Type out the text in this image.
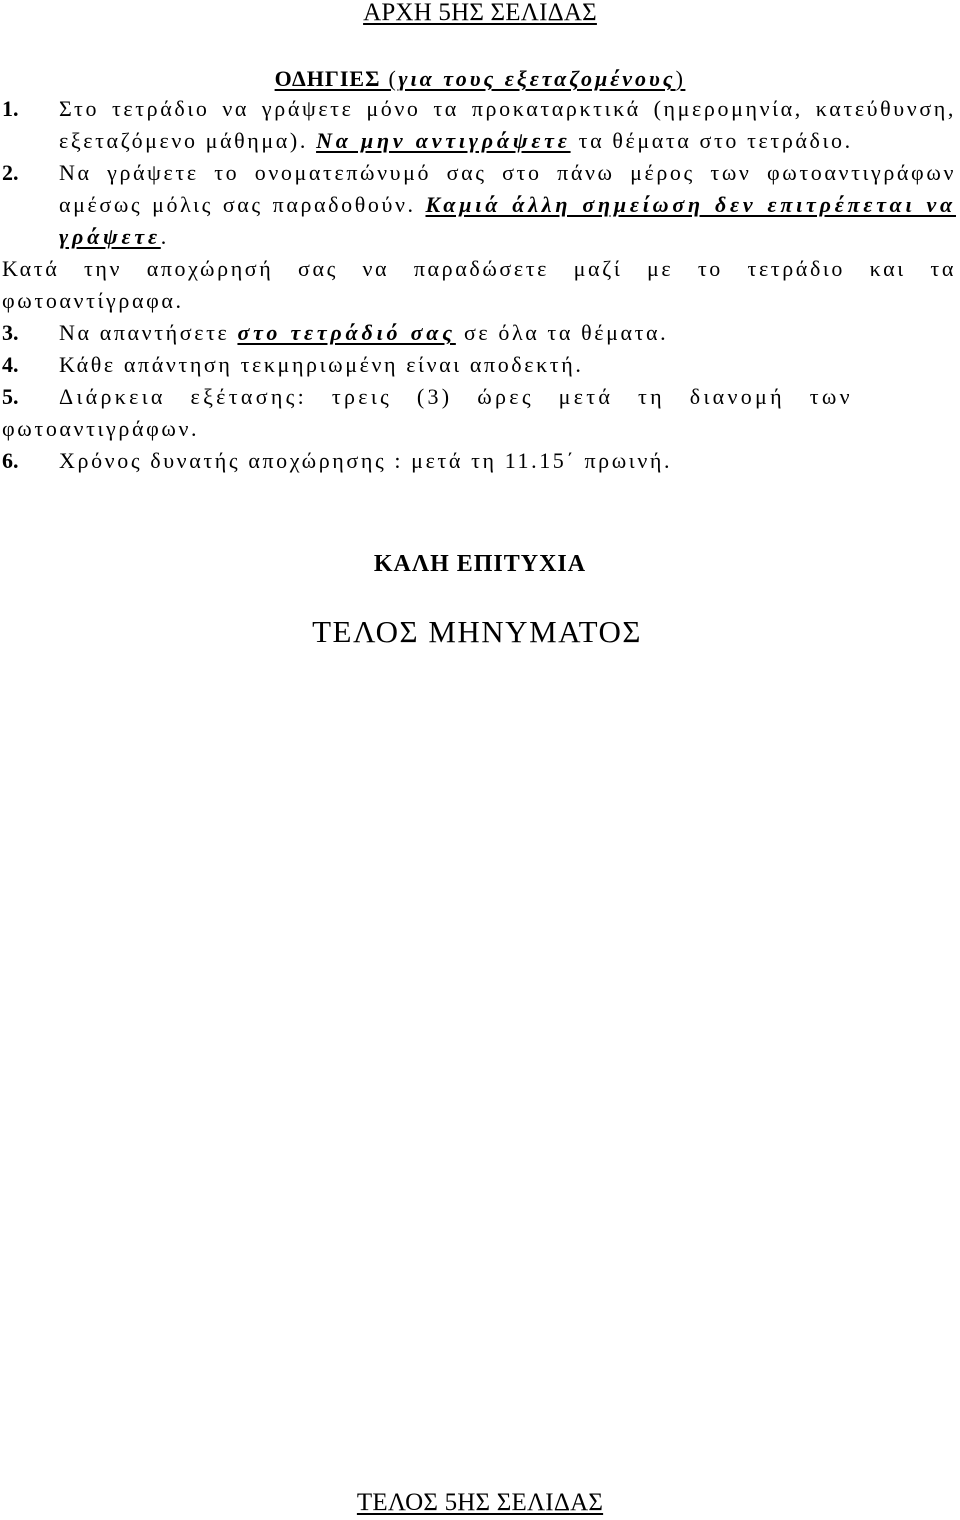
ΑΡΧΗ 5ΗΣ ΣΕΛΙΔΑΣ
ΟΔΗΓΙΕΣ (για τους εξεταζομένους)
1. Στο τετράδιο να γράψετε μόνο τα προκαταρκτικά (ημερομηνία, κατεύθυνση, εξεταζόμενο μάθημα). Να μην αντιγράψετε τα θέματα στο τετράδιο.
2. Να γράψετε το ονοματεπώνυμό σας στο πάνω μέρος των φωτοαντιγράφων αμέσως μόλις σας παραδοθούν. Καμιά άλλη σημείωση δεν επιτρέπεται να γράψετε.
Κατά την αποχώρησή σας να παραδώσετε μαζί με το τετράδιο και τα φωτοαντίγραφα.
3. Να απαντήσετε στο τετράδιό σας σε όλα τα θέματα.
4. Κάθε απάντηση τεκμηριωμένη είναι αποδεκτή.
5. Διάρκεια εξέτασης: τρεις (3) ώρες μετά τη διανομή των
φωτοαντιγράφων.
6. Χρόνος δυνατής αποχώρησης : μετά τη 11.15΄ πρωινή.
ΚΑΛΗ ΕΠΙΤΥΧΙΑ
ΤΕΛΟΣ ΜΗΝΥΜΑΤΟΣ
ΤΕΛΟΣ 5ΗΣ ΣΕΛΙΔΑΣ
